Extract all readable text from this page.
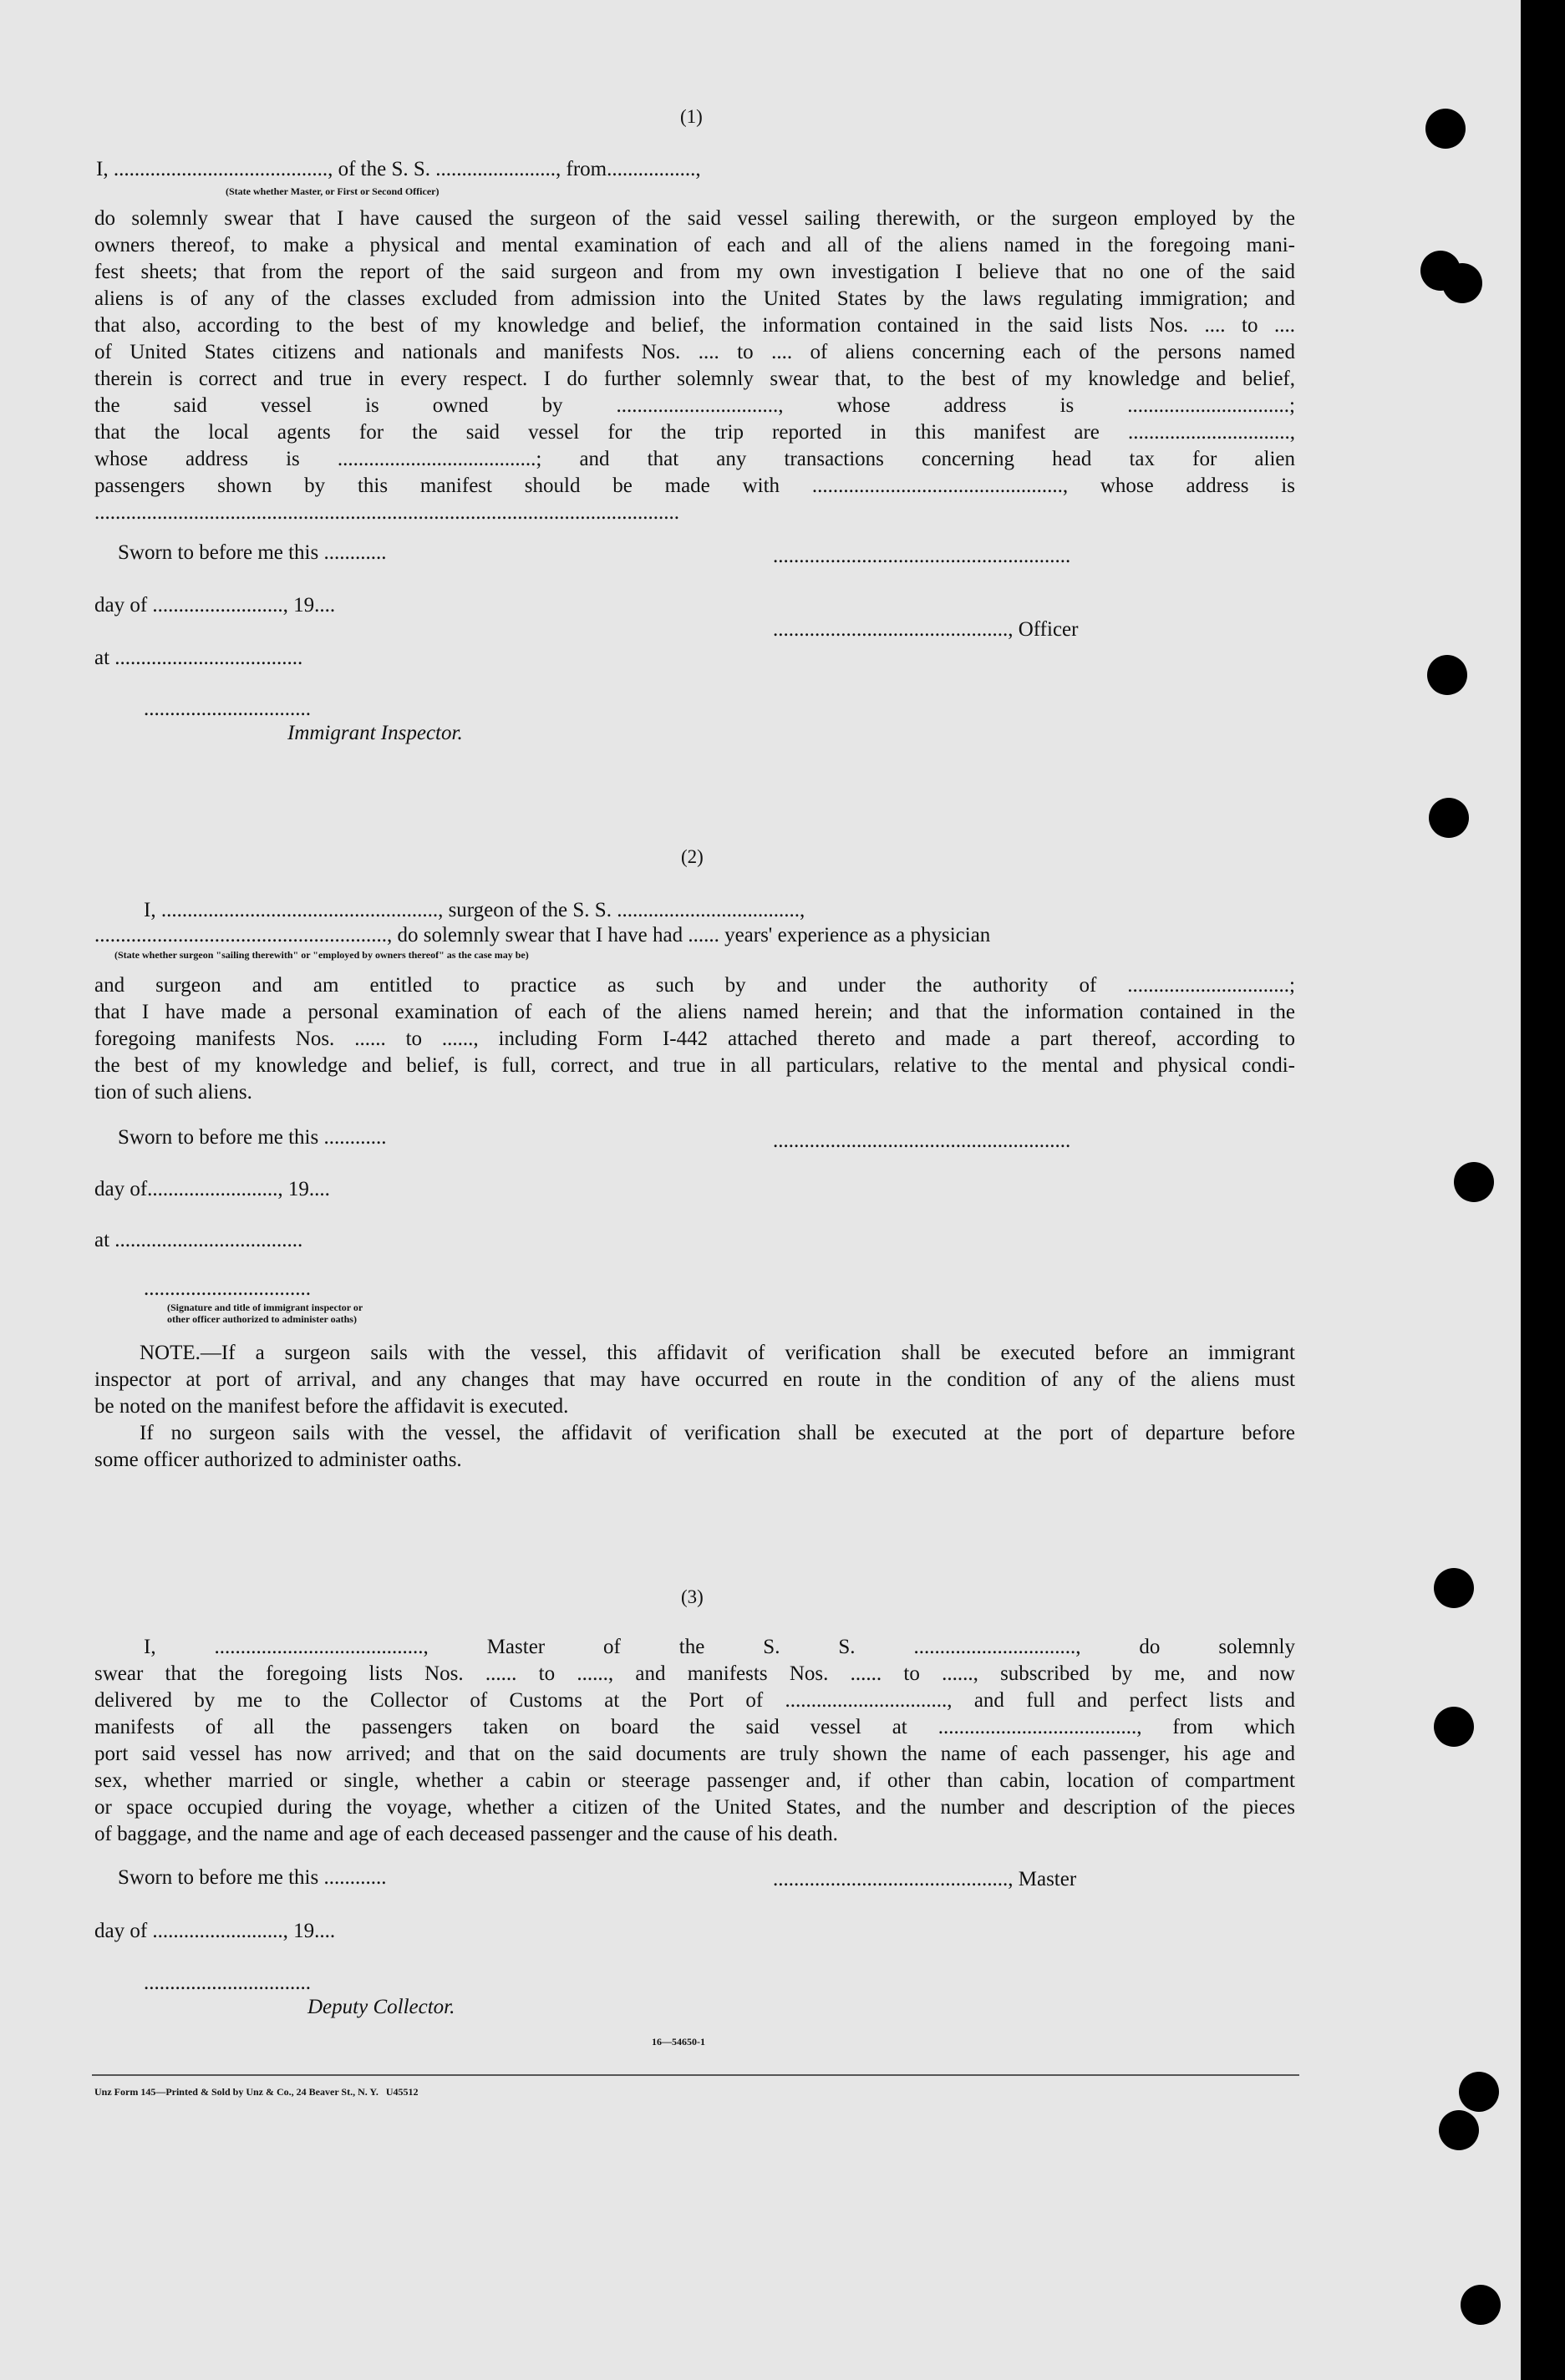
(1)
I, ........................................., of the S. S. ......................., from.................,
(State whether Master, or First or Second Officer)
do solemnly swear that I have caused the surgeon of the said vessel sailing therewith, or the surgeon employed by the
owners thereof, to make a physical and mental examination of each and all of the aliens named in the foregoing mani-
fest sheets; that from the report of the said surgeon and from my own investigation I believe that no one of the said
aliens is of any of the classes excluded from admission into the United States by the laws regulating immigration; and
that also, according to the best of my knowledge and belief, the information contained in the said lists Nos. .... to ....
of United States citizens and nationals and manifests Nos. .... to .... of aliens concerning each of the persons named
therein is correct and true in every respect. I do further solemnly swear that, to the best of my knowledge and belief,
the said vessel is owned by ..............................., whose address is ...............................;
that the local agents for the said vessel for the trip reported in this manifest are ...............................,
whose address is ......................................; and that any transactions concerning head tax for alien
passengers shown by this manifest should be made with ................................................, whose address is
................................................................................................................
Sworn to before me this ............
day of ........................., 19....
at ....................................
................................
Immigrant Inspector.
.........................................................
............................................., Officer
(2)
I, ....................................................., surgeon of the S. S. ...................................,
........................................................, do solemnly swear that I have had ...... years' experience as a physician
(State whether surgeon "sailing therewith" or "employed by owners thereof" as the case may be)
and surgeon and am entitled to practice as such by and under the authority of ...............................;
that I have made a personal examination of each of the aliens named herein; and that the information contained in the
foregoing manifests Nos. ...... to ......, including Form I-442 attached thereto and made a part thereof, according to
the best of my knowledge and belief, is full, correct, and true in all particulars, relative to the mental and physical condi-
tion of such aliens.
Sworn to before me this ............
day of........................., 19....
at ....................................
................................
(Signature and title of immigrant inspector or
other officer authorized to administer oaths)
.........................................................
NOTE.—If a surgeon sails with the vessel, this affidavit of verification shall be executed before an immigrant
inspector at port of arrival, and any changes that may have occurred en route in the condition of any of the aliens must
be noted on the manifest before the affidavit is executed.
If no surgeon sails with the vessel, the affidavit of verification shall be executed at the port of departure before
some officer authorized to administer oaths.
(3)
I, ........................................, Master of the S. S. ..............................., do solemnly
swear that the foregoing lists Nos. ...... to ......, and manifests Nos. ...... to ......, subscribed by me, and now
delivered by me to the Collector of Customs at the Port of ..............................., and full and perfect lists and
manifests of all the passengers taken on board the said vessel at ......................................, from which
port said vessel has now arrived; and that on the said documents are truly shown the name of each passenger, his age and
sex, whether married or single, whether a cabin or steerage passenger and, if other than cabin, location of compartment
or space occupied during the voyage, whether a citizen of the United States, and the number and description of the pieces
of baggage, and the name and age of each deceased passenger and the cause of his death.
Sworn to before me this ............
day of ........................., 19....
................................
Deputy Collector.
............................................., Master
16—54650-1
Unz Form 145—Printed & Sold by Unz & Co., 24 Beaver St., N. Y.   U45512
